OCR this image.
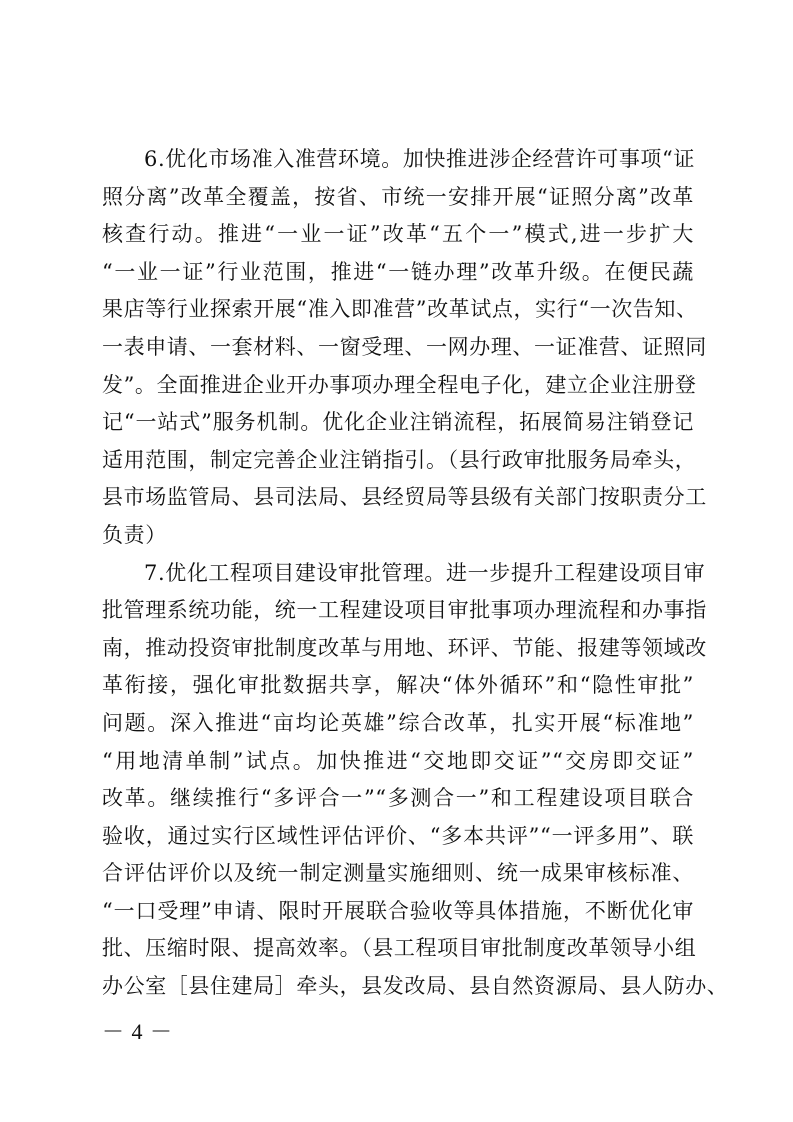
6.优化市场准入准营环境。加快推进涉企经营许可事项“证
照分离”改革全覆盖，按省、市统一安排开展“证照分离”改革
核查行动。推进“一业一证”改革“五个一”模式,进一步扩大
“一业一证”行业范围，推进“一链办理”改革升级。在便民蔬
果店等行业探索开展“准入即准营”改革试点，实行“一次告知、
一表申请、一套材料、一窗受理、一网办理、一证准营、证照同
发”。全面推进企业开办事项办理全程电子化，建立企业注册登
记“一站式”服务机制。优化企业注销流程，拓展简易注销登记
适用范围，制定完善企业注销指引。（县行政审批服务局牵头，
县市场监管局、县司法局、县经贸局等县级有关部门按职责分工
负责）
7.优化工程项目建设审批管理。进一步提升工程建设项目审
批管理系统功能，统一工程建设项目审批事项办理流程和办事指
南，推动投资审批制度改革与用地、环评、节能、报建等领域改
革衔接，强化审批数据共享，解决“体外循环”和“隐性审批”
问题。深入推进“亩均论英雄”综合改革，扎实开展“标准地”
“用地清单制”试点。加快推进“交地即交证”“交房即交证”
改革。继续推行“多评合一”“多测合一”和工程建设项目联合
验收，通过实行区域性评估评价、“多本共评”“一评多用”、联
合评估评价以及统一制定测量实施细则、统一成果审核标准、
“一口受理”申请、限时开展联合验收等具体措施，不断优化审
批、压缩时限、提高效率。（县工程项目审批制度改革领导小组
办公室［县住建局］牵头，县发改局、县自然资源局、县人防办、
－ 4 －
